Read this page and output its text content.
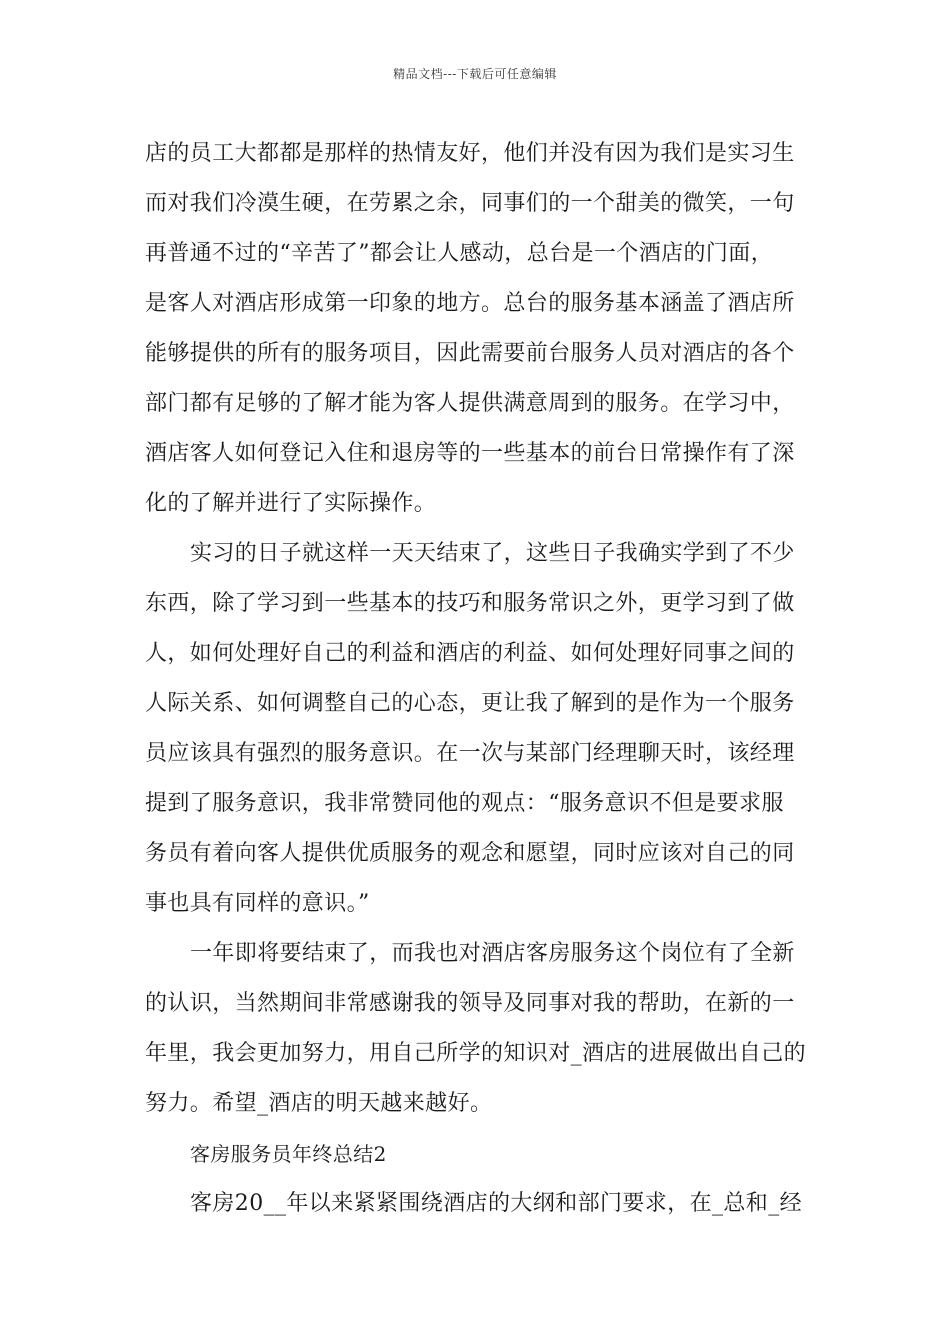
精品文档---下载后可任意编辑

店的员工大都都是那样的热情友好，他们并没有因为我们是实习生
而对我们冷漠生硬，在劳累之余，同事们的一个甜美的微笑，一句
再普通不过的“辛苦了”都会让人感动，总台是一个酒店的门面，
是客人对酒店形成第一印象的地方。总台的服务基本涵盖了酒店所
能够提供的所有的服务项目，因此需要前台服务人员对酒店的各个
部门都有足够的了解才能为客人提供满意周到的服务。在学习中，
酒店客人如何登记入住和退房等的一些基本的前台日常操作有了深
化的了解并进行了实际操作。

实习的日子就这样一天天结束了，这些日子我确实学到了不少
东西，除了学习到一些基本的技巧和服务常识之外，更学习到了做
人，如何处理好自己的利益和酒店的利益、如何处理好同事之间的
人际关系、如何调整自己的心态，更让我了解到的是作为一个服务
员应该具有强烈的服务意识。在一次与某部门经理聊天时，该经理
提到了服务意识，我非常赞同他的观点：“服务意识不但是要求服
务员有着向客人提供优质服务的观念和愿望，同时应该对自己的同
事也具有同样的意识。”

一年即将要结束了，而我也对酒店客房服务这个岗位有了全新
的认识，当然期间非常感谢我的领导及同事对我的帮助，在新的一
年里，我会更加努力，用自己所学的知识对_酒店的进展做出自己的
努力。希望_酒店的明天越来越好。

客房服务员年终总结2

客房20__年以来紧紧围绕酒店的大纲和部门要求，在_总和_经
